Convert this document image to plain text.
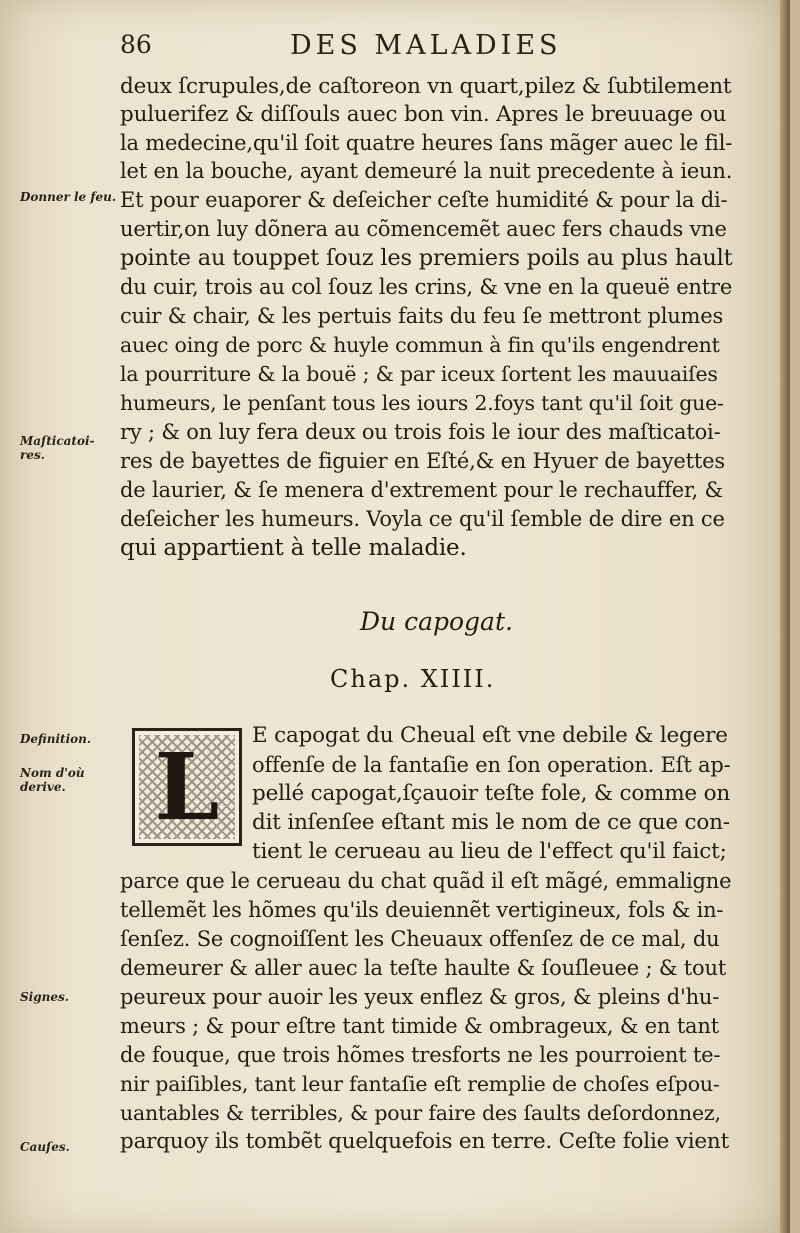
86	DES MALADIES
Donner le feu.
Maſticatoi-res.
Definition.
Nom d'où derive.
Signes.
Cauſes.
deux ſcrupules,de caſtoreon vn quart,pilez & ſubtilement
puluerifez & diſſouls auec bon vin. Apres le breuuage ou
la medecine,qu'il ſoit quatre heures ſans mãger auec le fil-
let en la bouche, ayant demeuré la nuit precedente à ieun.
Et pour euaporer & deſeicher ceſte humidité & pour la di-
uertir,on luy dõnera au cõmencemẽt auec fers chauds vne
pointe au touppet ſouz les premiers poils au plus hault
du cuir, trois au col ſouz les crins, & vne en la queuë entre
cuir & chair, & les pertuis faits du feu ſe mettront plumes
auec oing de porc & huyle commun à fin qu'ils engendrent
la pourriture & la bouë ; & par iceux ſortent les mauuaiſes
humeurs, le penſant tous les iours 2.foys tant qu'il ſoit gue-
ry ; & on luy fera deux ou trois fois le iour des maſticatoi-
res de bayettes de figuier en Eſté,& en Hyuer de bayettes
de laurier, & ſe menera d'extrement pour le rechauffer, &
deſeicher les humeurs. Voyla ce qu'il ſemble de dire en ce
qui appartient à telle maladie.
Du capogat.
Chap. XIIII.
L	E capogat du Cheual eſt vne debile & legere
offenſe de la fantaſie en ſon operation. Eſt ap-
pellé capogat,ſçauoir teſte fole, & comme on
dit inſenſee eſtant mis le nom de ce que con-
tient le cerueau au lieu de l'effect qu'il faict;
parce que le cerueau du chat quãd il eſt mãgé, emmaligne
tellemẽt les hõmes qu'ils deuiennẽt vertigineux, fols & in-
ſenſez. Se cognoiſſent les Cheuaux offenſez de ce mal, du
demeurer & aller auec la teſte haulte & ſouſleuee ; & tout
peureux pour auoir les yeux enflez & gros, & pleins d'hu-
meurs ; & pour eſtre tant timide & ombrageux, & en tant
de fouque, que trois hõmes tresforts ne les pourroient te-
nir paiſibles, tant leur fantaſie eſt remplie de choſes eſpou-
uantables & terribles, & pour faire des ſaults deſordonnez,
parquoy ils tombẽt quelquefois en terre. Ceſte folie vient
